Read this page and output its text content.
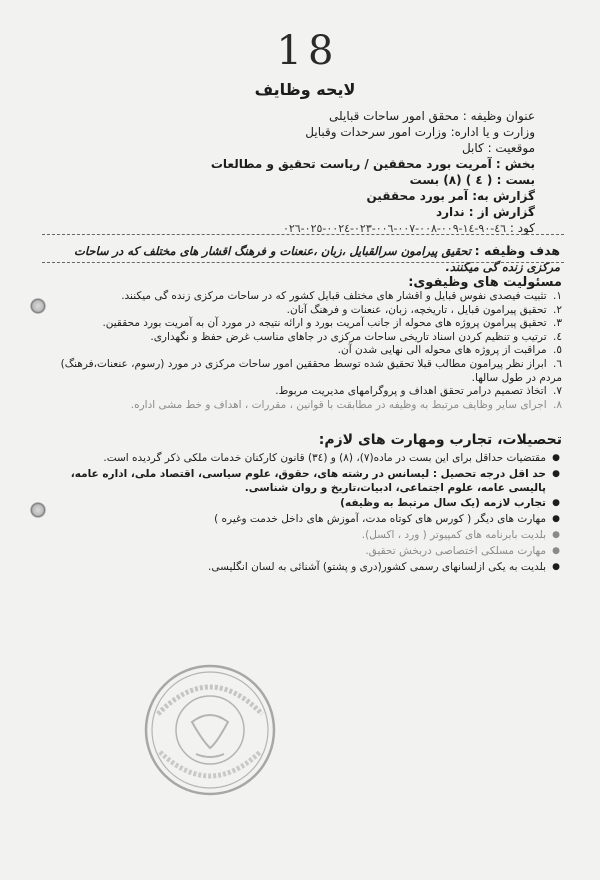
18
لایحه وظایف
عنوان وظیفه : محقق امور ساحات قبایلی
وزارت و یا اداره: وزارت امور سرحدات وقبایل
موقعیت : کابل
بخش : آمریت بورد محققین / ریاست تحقیق و مطالعات
بست : ( ٤ ) (٨) بست
گزارش به: آمر بورد محققین
گزارش از : ندارد
کود : ٤٦-٩٠-١٤-٠٠٩-٠٠٨-٠٠٧-٠٠٦-٠٢٣-٠٠٢٤-٠٢٥-٠٢٦
هدف وظیفه : تحقیق پیرامون سرالقبایل ،زبان ،عنعنات و فرهنگ اقشار های مختلف که در ساحات مرکزی زنده گی میکنند.
مسئولیت های وظیفوی:
۱. تثبیت فیصدی نفوس قبایل و اقشار های مختلف قبایل کشور که در ساحات مرکزی زنده گی میکنند.
۲. تحقیق پیرامون قبایل ، تاریخچه، زبان، عنعنات و فرهنگ آنان.
۳. تحقیق پیرامون پروژه های محوله از جانب آمریت بورد و ارائه نتیجه در مورد آن به آمریت بورد محققین.
٤. ترتیب و تنظیم کردن اسناد تاریخی ساحات مرکزی در جاهای مناسب غرض حفظ و نگهداری.
٥. مراقبت از پروژه های محوله الی نهایی شدن آن.
٦. ابراز نظر پیرامون مطالب قبلا تحقیق شده توسط محققین امور ساحات مرکزی در مورد (رسوم، عنعنات،فرهنگ) مردم در طول سالها.
۷. اتخاذ تصمیم درامر تحقق اهداف و پروگرامهای مدیریت مربوط.
۸. اجرای سایر وظایف مرتبط به وظیفه در مطابقت با قوانین ، مقررات ، اهداف و خط مشی اداره.
تحصیلات، تجارب ومهارت های لازم:
●
مقتضیات حداقل برای این بست در ماده(۷)، (۸) و (٣٤) قانون کارکنان خدمات ملکی ذکر گردیده است.
●
حد اقل درجه تحصیل : لیسانس در رشته های، حقوق، علوم سیاسی، اقتصاد ملی، اداره عامه، پالیسی عامه، علوم اجتماعی، ادبیات،تاریخ و روان شناسی.
●
تجارب لازمه (یک سال مرتبط به وظیفه)
●
مهارت های دیگر ( کورس های کوتاه مدت، آموزش های داخل خدمت وغیره )
●
بلدیت بابرنامه های کمپیوتر ( ورد ، اکسل).
●
مهارت مسلکی اختصاصی دربخش تحقیق.
●
بلدیت به یکی ازلسانهای رسمی کشور(دری و پشتو) آشنائی به لسان انگلیسی.
